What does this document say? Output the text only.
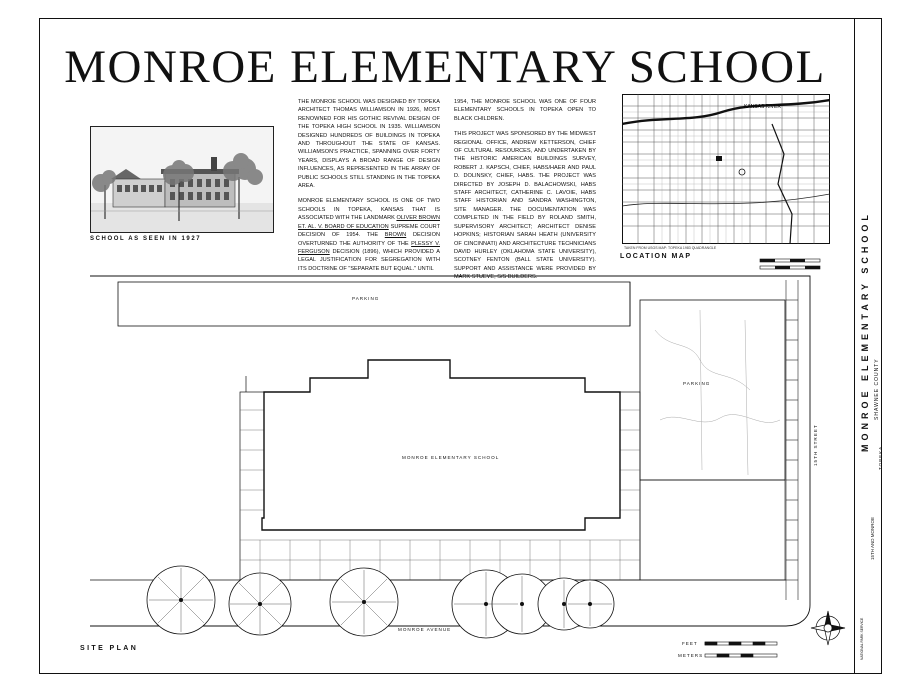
MONROE ELEMENTARY SCHOOL
SCHOOL AS SEEN IN 1927

THE MONROE SCHOOL WAS DESIGNED BY TOPEKA ARCHITECT THOMAS WILLIAMSON IN 1926, MOST RENOWNED FOR HIS GOTHIC REVIVAL DESIGN OF THE TOPEKA HIGH SCHOOL IN 1935. WILLIAMSON DESIGNED HUNDREDS OF BUILDINGS IN TOPEKA AND THROUGHOUT THE STATE OF KANSAS. WILLIAMSON'S PRACTICE, SPANNING OVER FORTY YEARS, DISPLAYS A BROAD RANGE OF DESIGN INFLUENCES, AS REPRESENTED IN THE ARRAY OF PUBLIC SCHOOLS STILL STANDING IN THE TOPEKA AREA.

MONROE ELEMENTARY SCHOOL IS ONE OF TWO SCHOOLS IN TOPEKA, KANSAS THAT IS ASSOCIATED WITH THE LANDMARK OLIVER BROWN ET. AL. V. BOARD OF EDUCATION SUPREME COURT DECISION OF 1954. THE BROWN DECISION OVERTURNED THE AUTHORITY OF THE PLESSY V. FERGUSON DECISION (1896), WHICH PROVIDED A LEGAL JUSTIFICATION FOR SEGREGATION WITH ITS DOCTRINE OF "SEPARATE BUT EQUAL." UNTIL

1954, THE MONROE SCHOOL WAS ONE OF FOUR ELEMENTARY SCHOOLS IN TOPEKA OPEN TO BLACK CHILDREN.

THIS PROJECT WAS SPONSORED BY THE MIDWEST REGIONAL OFFICE, ANDREW KETTERSON, CHIEF OF CULTURAL RESOURCES, AND UNDERTAKEN BY THE HISTORIC AMERICAN BUILDINGS SURVEY, ROBERT J. KAPSCH, CHIEF, HABS/HAER AND PAUL D. DOLINSKY, CHIEF, HABS. THE PROJECT WAS DIRECTED BY JOSEPH D. BALACHOWSKI, HABS STAFF ARCHITECT, CATHERINE C. LAVOIE, HABS STAFF HISTORIAN AND SANDRA WASHINGTON, SITE MANAGER. THE DOCUMENTATION WAS COMPLETED IN THE FIELD BY ROLAND SMITH, SUPERVISORY ARCHITECT; ARCHITECT DENISE HOPKINS; HISTORIAN SARAH HEATH (UNIVERSITY OF CINCINNATI) AND ARCHITECTURE TECHNICIANS DAVID HURLEY (OKLAHOMA STATE UNIVERSITY), SCOTNEY FENTON (BALL STATE UNIVERSITY). SUPPORT AND ASSISTANCE WERE PROVIDED BY MARK STUEVE, S/S BUILDERS.

KANSAS RIVER
TAKEN FROM USGS MAP: TOPEKA 1983 QUADRANGLE
LOCATION MAP
PARKING
PARKING
MONROE ELEMENTARY SCHOOL
MONROE AVENUE
15TH STREET
FEET
METERS
SITE PLAN
MONROE ELEMENTARY SCHOOL SHAWNEE COUNTY
TOPEKA
15TH AND MONROE
NATIONAL PARK SERVICE
